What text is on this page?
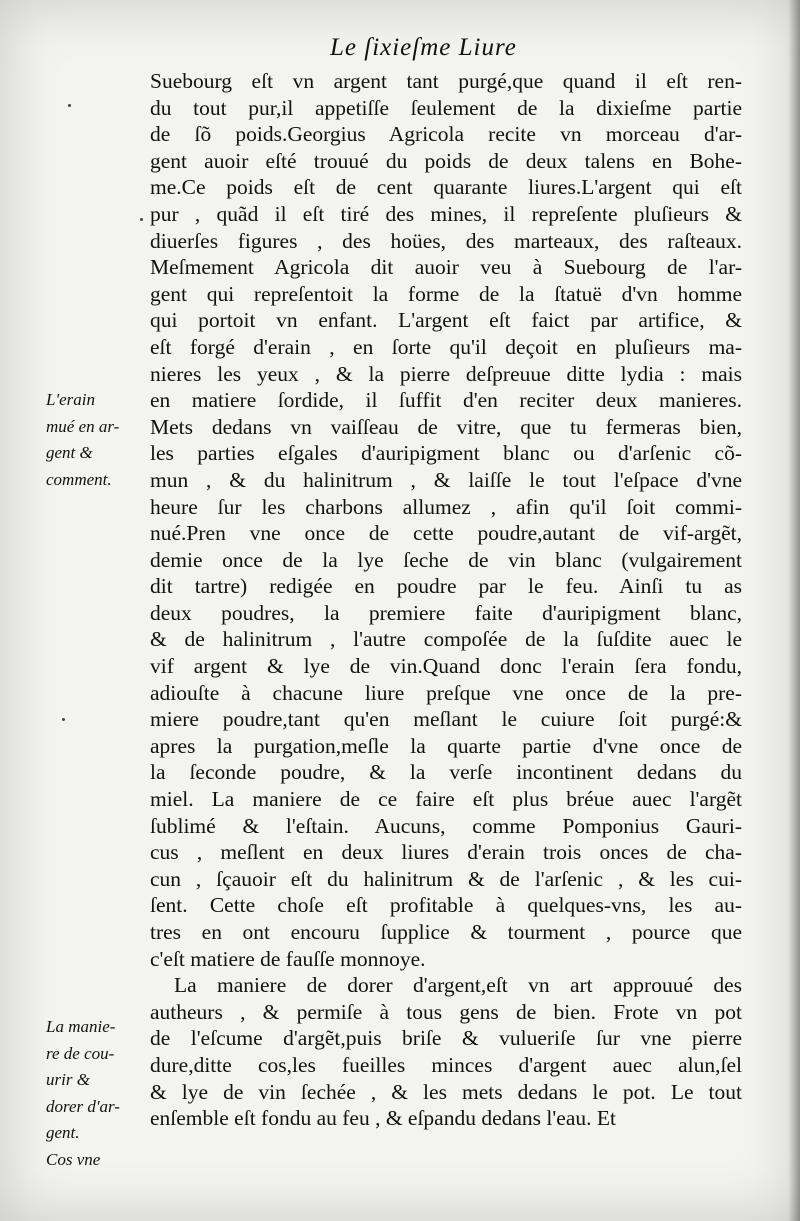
Le ſixieſme Liure
Suebourg eſt vn argent tant purgé,que quand il eſt ren-
du tout pur,il appetiſſe ſeulement de la dixieſme partie
de ſõ poids.Georgius Agricola recite vn morceau d'ar-
gent auoir eſté trouué du poids de deux talens en Bohe-
me.Ce poids eſt de cent quarante liures.L'argent qui eſt
pur , quãd il eſt tiré des mines, il repreſente pluſieurs &
diuerſes figures , des hoües, des marteaux, des raſteaux.
Meſmement Agricola dit auoir veu à Suebourg de l'ar-
gent qui repreſentoit la forme de la ſtatuë d'vn homme
qui portoit vn enfant. L'argent eſt faict par artifice, &
eſt forgé d'erain , en ſorte qu'il deçoit en pluſieurs ma-
nieres les yeux , & la pierre deſpreuue ditte lydia : mais
en matiere ſordide, il ſuffit d'en reciter deux manieres.
Mets dedans vn vaiſſeau de vitre, que tu fermeras bien,
les parties eſgales d'auripigment blanc ou d'arſenic cõ-
mun , & du halinitrum , & laiſſe le tout l'eſpace d'vne
heure ſur les charbons allumez , afin qu'il ſoit commi-
nué.Pren vne once de cette poudre,autant de vif-argẽt,
demie once de la lye ſeche de vin blanc (vulgairement
dit tartre) redigée en poudre par le feu. Ainſi tu as
deux poudres, la premiere faite d'auripigment blanc,
& de halinitrum , l'autre compoſée de la ſuſdite auec le
vif argent & lye de vin.Quand donc l'erain ſera fondu,
adiouſte à chacune liure preſque vne once de la pre-
miere poudre,tant qu'en meſlant le cuiure ſoit purgé:&
apres la purgation,meſle la quarte partie d'vne once de
la ſeconde poudre, & la verſe incontinent dedans du
miel. La maniere de ce faire eſt plus bréue auec l'argẽt
ſublimé & l'eſtain. Aucuns, comme Pomponius Gauri-
cus , meſlent en deux liures d'erain trois onces de cha-
cun , ſçauoir eſt du halinitrum & de l'arſenic , & les cui-
ſent. Cette choſe eſt profitable à quelques-vns, les au-
tres en ont encouru ſupplice & tourment , pource que
c'eſt matiere de fauſſe monnoye.
La maniere de dorer d'argent,eſt vn art approuué des
autheurs , & permiſe à tous gens de bien. Frote vn pot
de l'eſcume d'argẽt,puis briſe & vulueriſe ſur vne pierre
dure,ditte cos,les fueilles minces d'argent auec alun,ſel
& lye de vin ſechée , & les mets dedans le pot. Le tout
enſemble eſt fondu au feu , & eſpandu dedans l'eau. Et
L'erain
mué en ar-
gent &
comment.
La manie-
re de cou-
urir &
dorer d'ar-
gent.
Cos vne
